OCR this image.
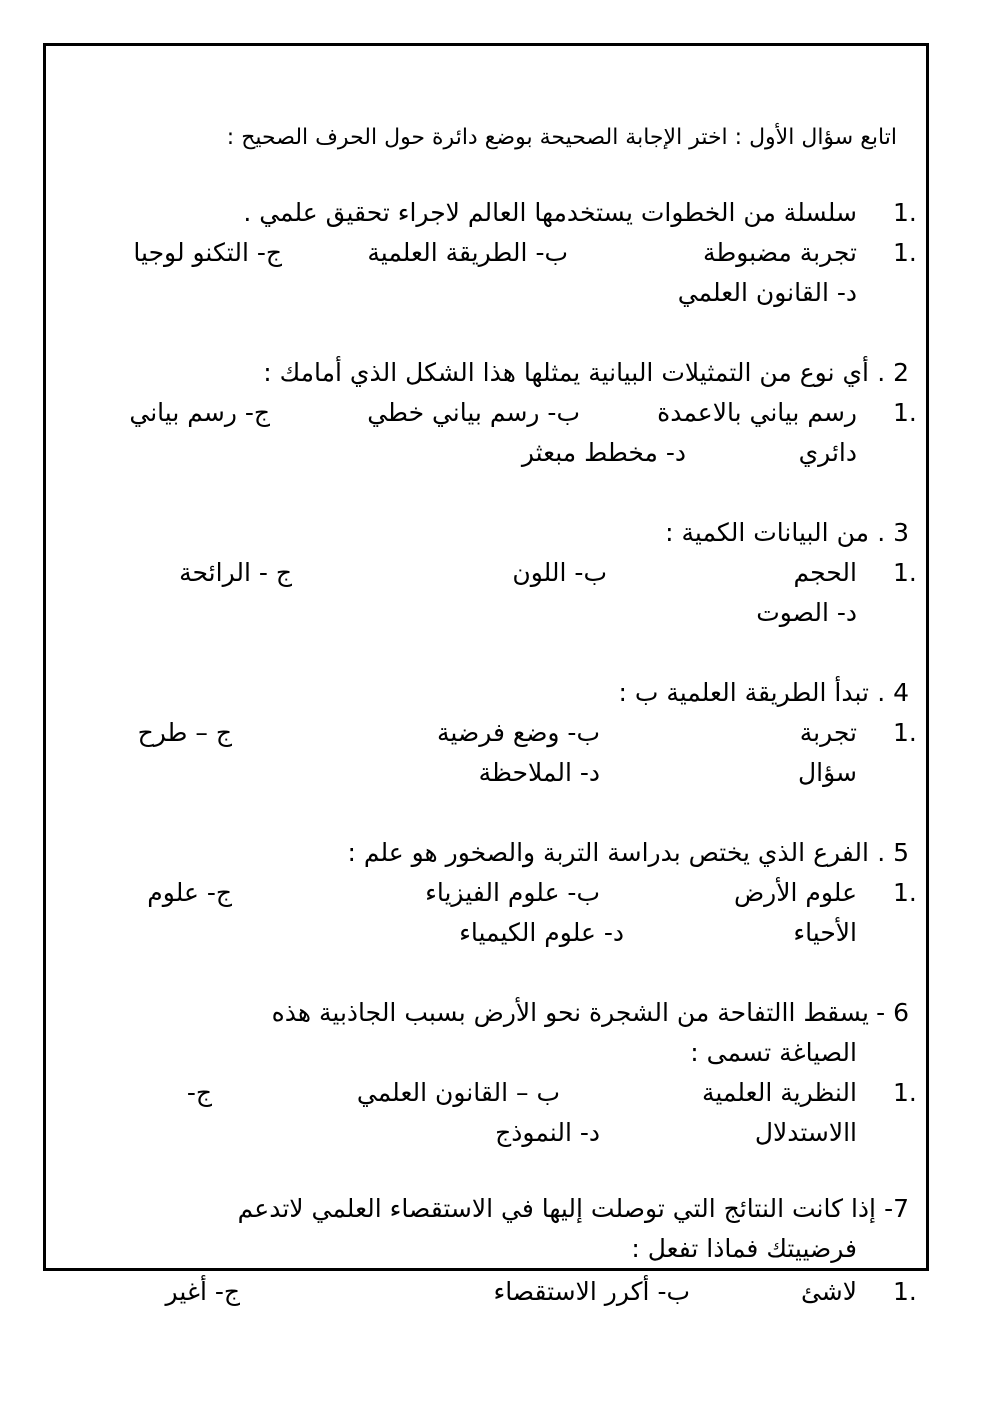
اتابع سؤال الأول : اختر الإجابة الصحيحة بوضع دائرة حول الحرف الصحيح :
1.
سلسلة من الخطوات يستخدمها العالم لاجراء تحقيق علمي .
1.
تجربة مضبوطة
ب- الطريقة العلمية
ج- التكنو لوجيا
د- القانون العلمي
2 .
أي نوع من التمثيلات البيانية يمثلها هذا الشكل الذي أمامك :
1.
رسم بياني بالاعمدة
ب- رسم بياني خطي
ج- رسم بياني
دائري
د- مخطط مبعثر
3 .
من البيانات الكمية :
1.
الحجم
ب- اللون
ج - الرائحة
د- الصوت
4 .
تبدأ الطريقة العلمية ب :
1.
تجربة
ب- وضع فرضية
ج – طرح
سؤال
د- الملاحظة
5 .
الفرع الذي يختص بدراسة التربة والصخور هو علم :
1.
علوم الأرض
ب- علوم الفيزياء
ج- علوم
الأحياء
د- علوم الكيمياء
6 -
يسقط االتفاحة من الشجرة نحو الأرض بسبب الجاذبية هذه
الصياغة تسمى :
1.
النظرية العلمية
ب – القانون العلمي
ج-
االاستدلال
د- النموذج
7-
إذا كانت النتائج التي توصلت إليها في الاستقصاء العلمي لاتدعم
فرضييتك فماذا تفعل :
1.
لاشئ
ب- أكرر الاستقصاء
ج- أغير
